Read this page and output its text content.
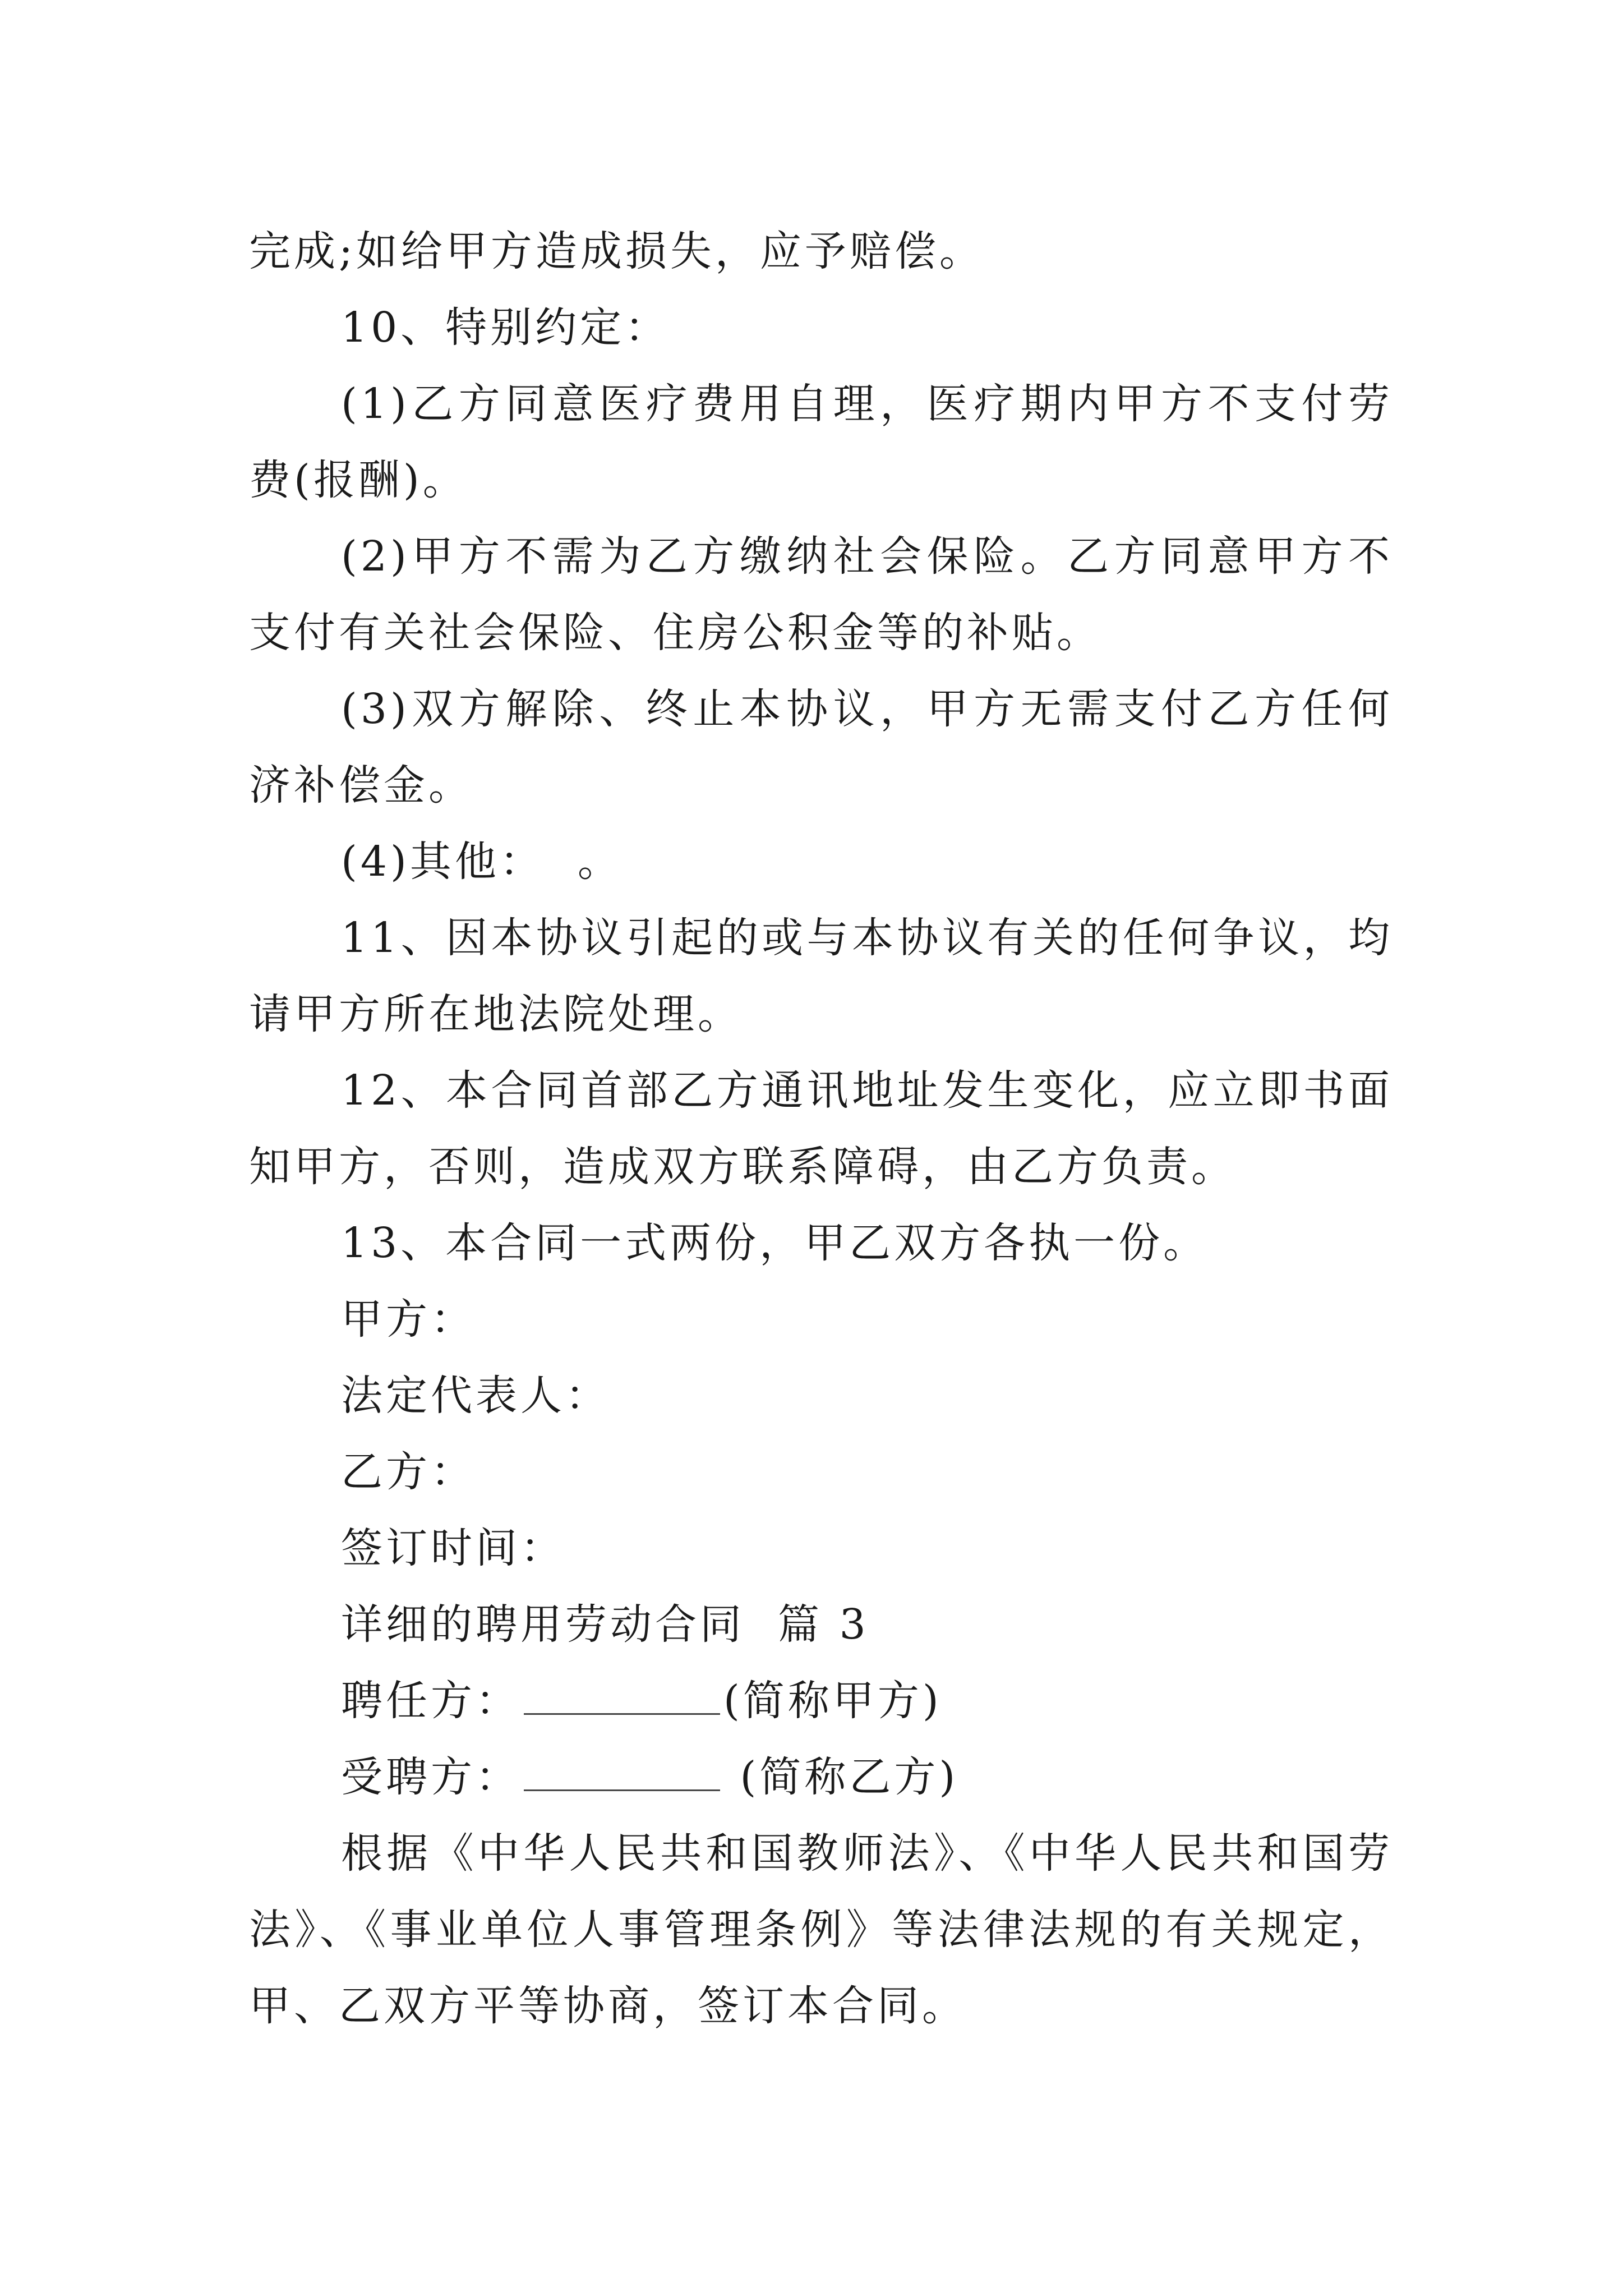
完成;如给甲方造成损失，应予赔偿。
10、特别约定：
(1)乙方同意医疗费用自理，医疗期内甲方不支付劳
费(报酬)。
(2)甲方不需为乙方缴纳社会保险。乙方同意甲方不
支付有关社会保险、住房公积金等的补贴。
(3)双方解除、终止本协议，甲方无需支付乙方任何
济补偿金。
(4)其他：  。
11、因本协议引起的或与本协议有关的任何争议，均
请甲方所在地法院处理。
12、本合同首部乙方通讯地址发生变化，应立即书面
知甲方，否则，造成双方联系障碍，由乙方负责。
13、本合同一式两份，甲乙双方各执一份。
甲方：
法定代表人：
乙方：
签订时间：
详细的聘用劳动合同  篇 3
聘任方：	(简称甲方)
受聘方：	(简称乙方)
根据《中华人民共和国教师法》、《中华人民共和国劳
法》、《事业单位人事管理条例》等法律法规的有关规定，
甲、乙双方平等协商，签订本合同。
